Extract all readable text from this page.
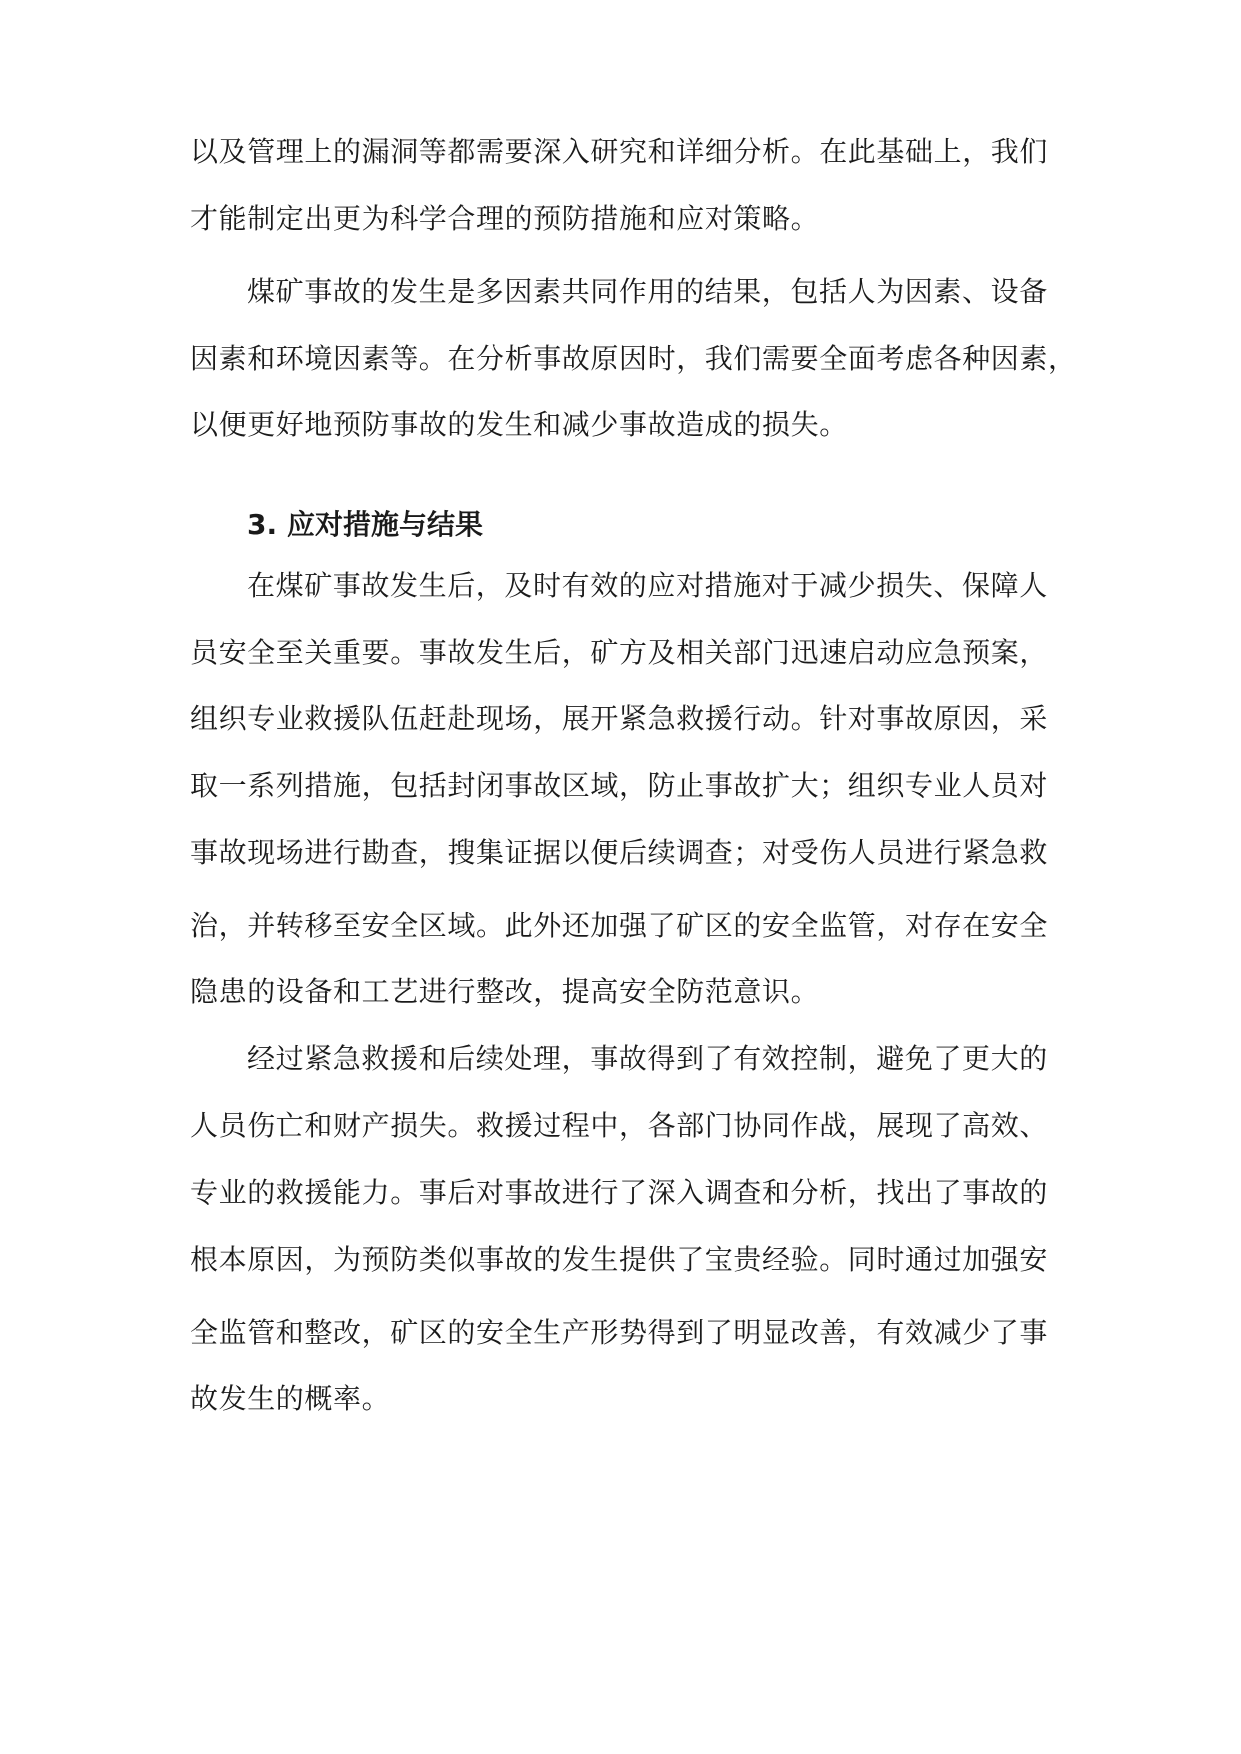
以及管理上的漏洞等都需要深入研究和详细分析。在此基础上，我们
才能制定出更为科学合理的预防措施和应对策略。
煤矿事故的发生是多因素共同作用的结果，包括人为因素、设备
因素和环境因素等。在分析事故原因时，我们需要全面考虑各种因素，
以便更好地预防事故的发生和减少事故造成的损失。
3. 应对措施与结果
在煤矿事故发生后，及时有效的应对措施对于减少损失、保障人
员安全至关重要。事故发生后，矿方及相关部门迅速启动应急预案，
组织专业救援队伍赶赴现场，展开紧急救援行动。针对事故原因，采
取一系列措施，包括封闭事故区域，防止事故扩大；组织专业人员对
事故现场进行勘查，搜集证据以便后续调查；对受伤人员进行紧急救
治，并转移至安全区域。此外还加强了矿区的安全监管，对存在安全
隐患的设备和工艺进行整改，提高安全防范意识。
经过紧急救援和后续处理，事故得到了有效控制，避免了更大的
人员伤亡和财产损失。救援过程中，各部门协同作战，展现了高效、
专业的救援能力。事后对事故进行了深入调查和分析，找出了事故的
根本原因，为预防类似事故的发生提供了宝贵经验。同时通过加强安
全监管和整改，矿区的安全生产形势得到了明显改善，有效减少了事
故发生的概率。
